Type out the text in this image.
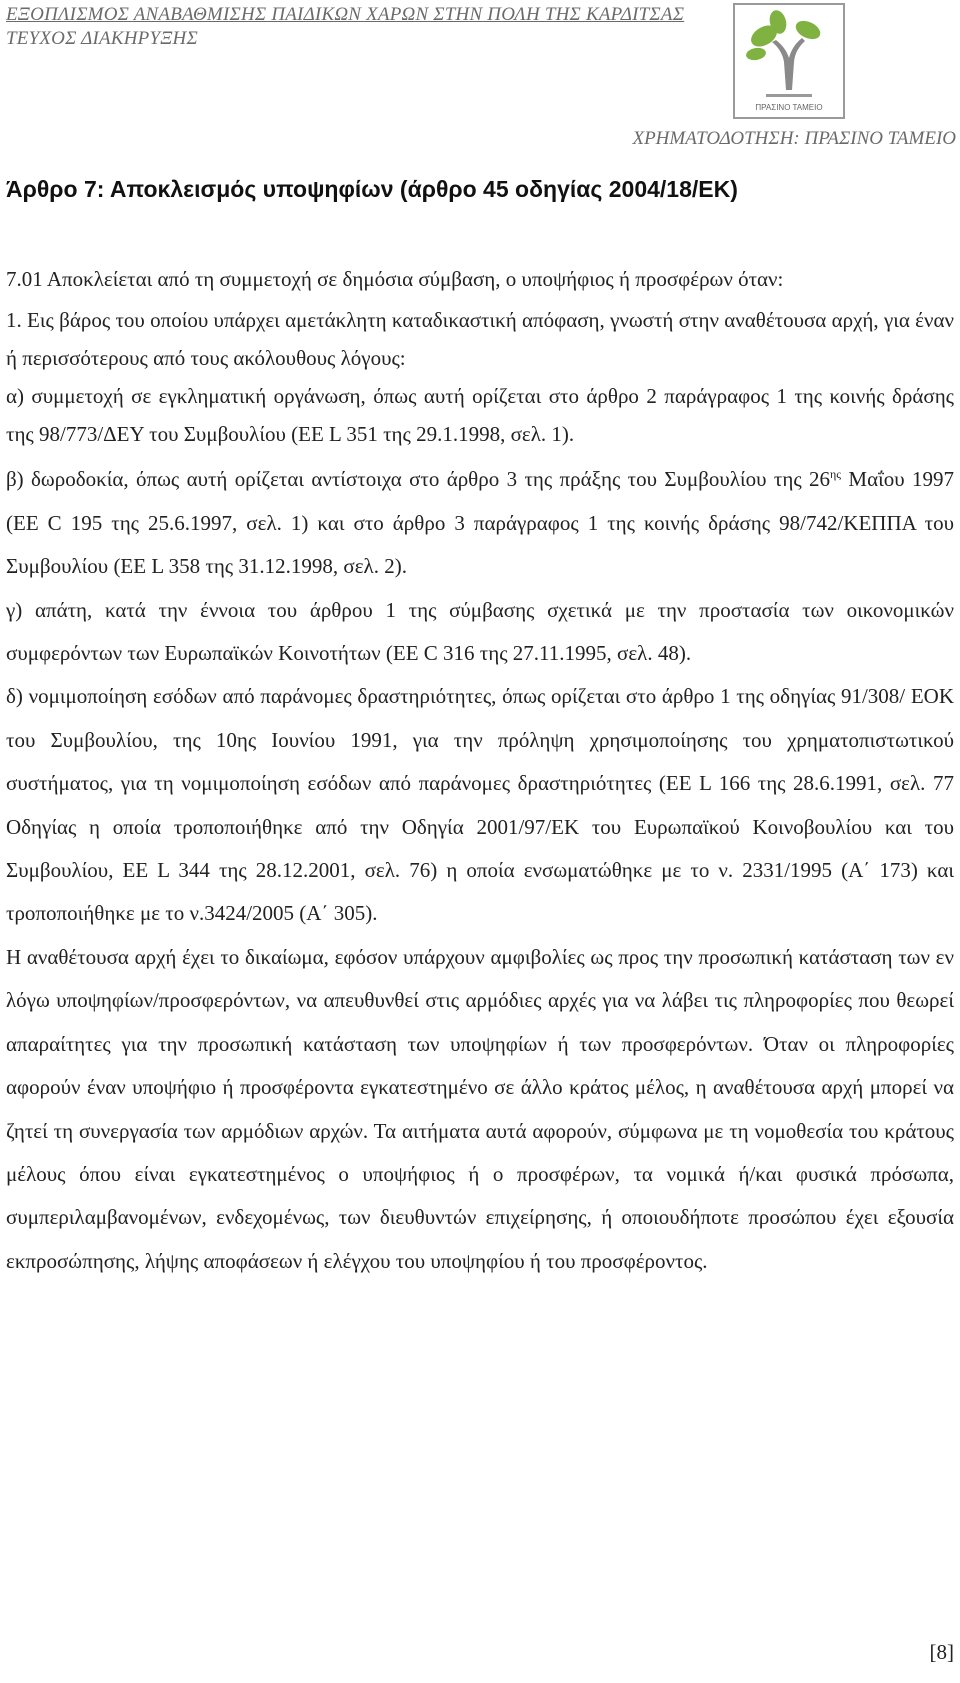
ΕΞΟΠΛΙΣΜΟΣ ΑΝΑΒΑΘΜΙΣΗΣ ΠΑΙΔΙΚΩΝ ΧΑΡΩΝ ΣΤΗΝ ΠΟΛΗ ΤΗΣ ΚΑΡΔΙΤΣΑΣ
ΤΕΥΧΟΣ ΔΙΑΚΗΡΥΞΗΣ
ΠΡΑΣΙΝΟ ΤΑΜΕΙΟ
ΧΡΗΜΑΤΟΔΟΤΗΣΗ: ΠΡΑΣΙΝΟ ΤΑΜΕΙΟ
Άρθρο 7: Αποκλεισμός υποψηφίων (άρθρο 45 οδηγίας 2004/18/ΕΚ)

7.01 Αποκλείεται από τη συμμετοχή σε δημόσια σύμβαση, ο υποψήφιος ή προσφέρων όταν:

1. Εις βάρος του οποίου υπάρχει αμετάκλητη καταδικαστική απόφαση, γνωστή στην αναθέτουσα αρχή, για έναν ή περισσότερους από τους ακόλουθους λόγους:

α) συμμετοχή σε εγκληματική οργάνωση, όπως αυτή ορίζεται στο άρθρο 2 παράγραφος 1 της κοινής δράσης της 98/773/ΔΕΥ του Συμβουλίου (ΕΕ L 351 της 29.1.1998, σελ. 1).

β) δωροδοκία, όπως αυτή ορίζεται αντίστοιχα στο άρθρο 3 της πράξης του Συμβουλίου της $26^{\eta\varsigma}$ Μαΐου 1997 (ΕΕ C 195 της 25.6.1997, σελ. 1) και στο άρθρο 3 παράγραφος 1 της κοινής δράσης 98/742/ΚΕΠΠΑ του Συμβουλίου (ΕΕ L 358 της 31.12.1998, σελ. 2).

γ) απάτη, κατά την έννοια του άρθρου 1 της σύμβασης σχετικά με την προστασία των οικονομικών συμφερόντων των Ευρωπαϊκών Κοινοτήτων (ΕΕ C 316 της 27.11.1995, σελ. 48).

δ) νομιμοποίηση εσόδων από παράνομες δραστηριότητες, όπως ορίζεται στο άρθρο 1 της οδηγίας 91/308/ ΕΟΚ του Συμβουλίου, της 10ης Ιουνίου 1991, για την πρόληψη χρησιμοποίησης του χρηματοπιστωτικού συστήματος, για τη νομιμοποίηση εσόδων από παράνομες δραστηριότητες (ΕΕ L 166 της 28.6.1991, σελ. 77 Οδηγίας η οποία τροποποιήθηκε από την Οδηγία 2001/97/ΕΚ του Ευρωπαϊκού Κοινοβουλίου και του Συμβουλίου, ΕΕ L 344 της 28.12.2001, σελ. 76) η οποία ενσωματώθηκε με το ν. 2331/1995 (Α΄ 173) και τροποποιήθηκε με το ν.3424/2005 (Α΄ 305).

Η αναθέτουσα αρχή έχει το δικαίωμα, εφόσον υπάρχουν αμφιβολίες ως προς την προσωπική κατάσταση των εν λόγω υποψηφίων/προσφερόντων, να απευθυνθεί στις αρμόδιες αρχές για να λάβει τις πληροφορίες που θεωρεί απαραίτητες για την προσωπική κατάσταση των υποψηφίων ή των προσφερόντων. Όταν οι πληροφορίες αφορούν έναν υποψήφιο ή προσφέροντα εγκατεστημένο σε άλλο κράτος μέλος, η αναθέτουσα αρχή μπορεί να ζητεί τη συνεργασία των αρμόδιων αρχών. Τα αιτήματα αυτά αφορούν, σύμφωνα με τη νομοθεσία του κράτους μέλους όπου είναι εγκατεστημένος ο υποψήφιος ή ο προσφέρων, τα νομικά ή/και φυσικά πρόσωπα, συμπεριλαμβανομένων, ενδεχομένως, των διευθυντών επιχείρησης, ή οποιουδήποτε προσώπου έχει εξουσία εκπροσώπησης, λήψης αποφάσεων ή ελέγχου του υποψηφίου ή του προσφέροντος.

[8]
